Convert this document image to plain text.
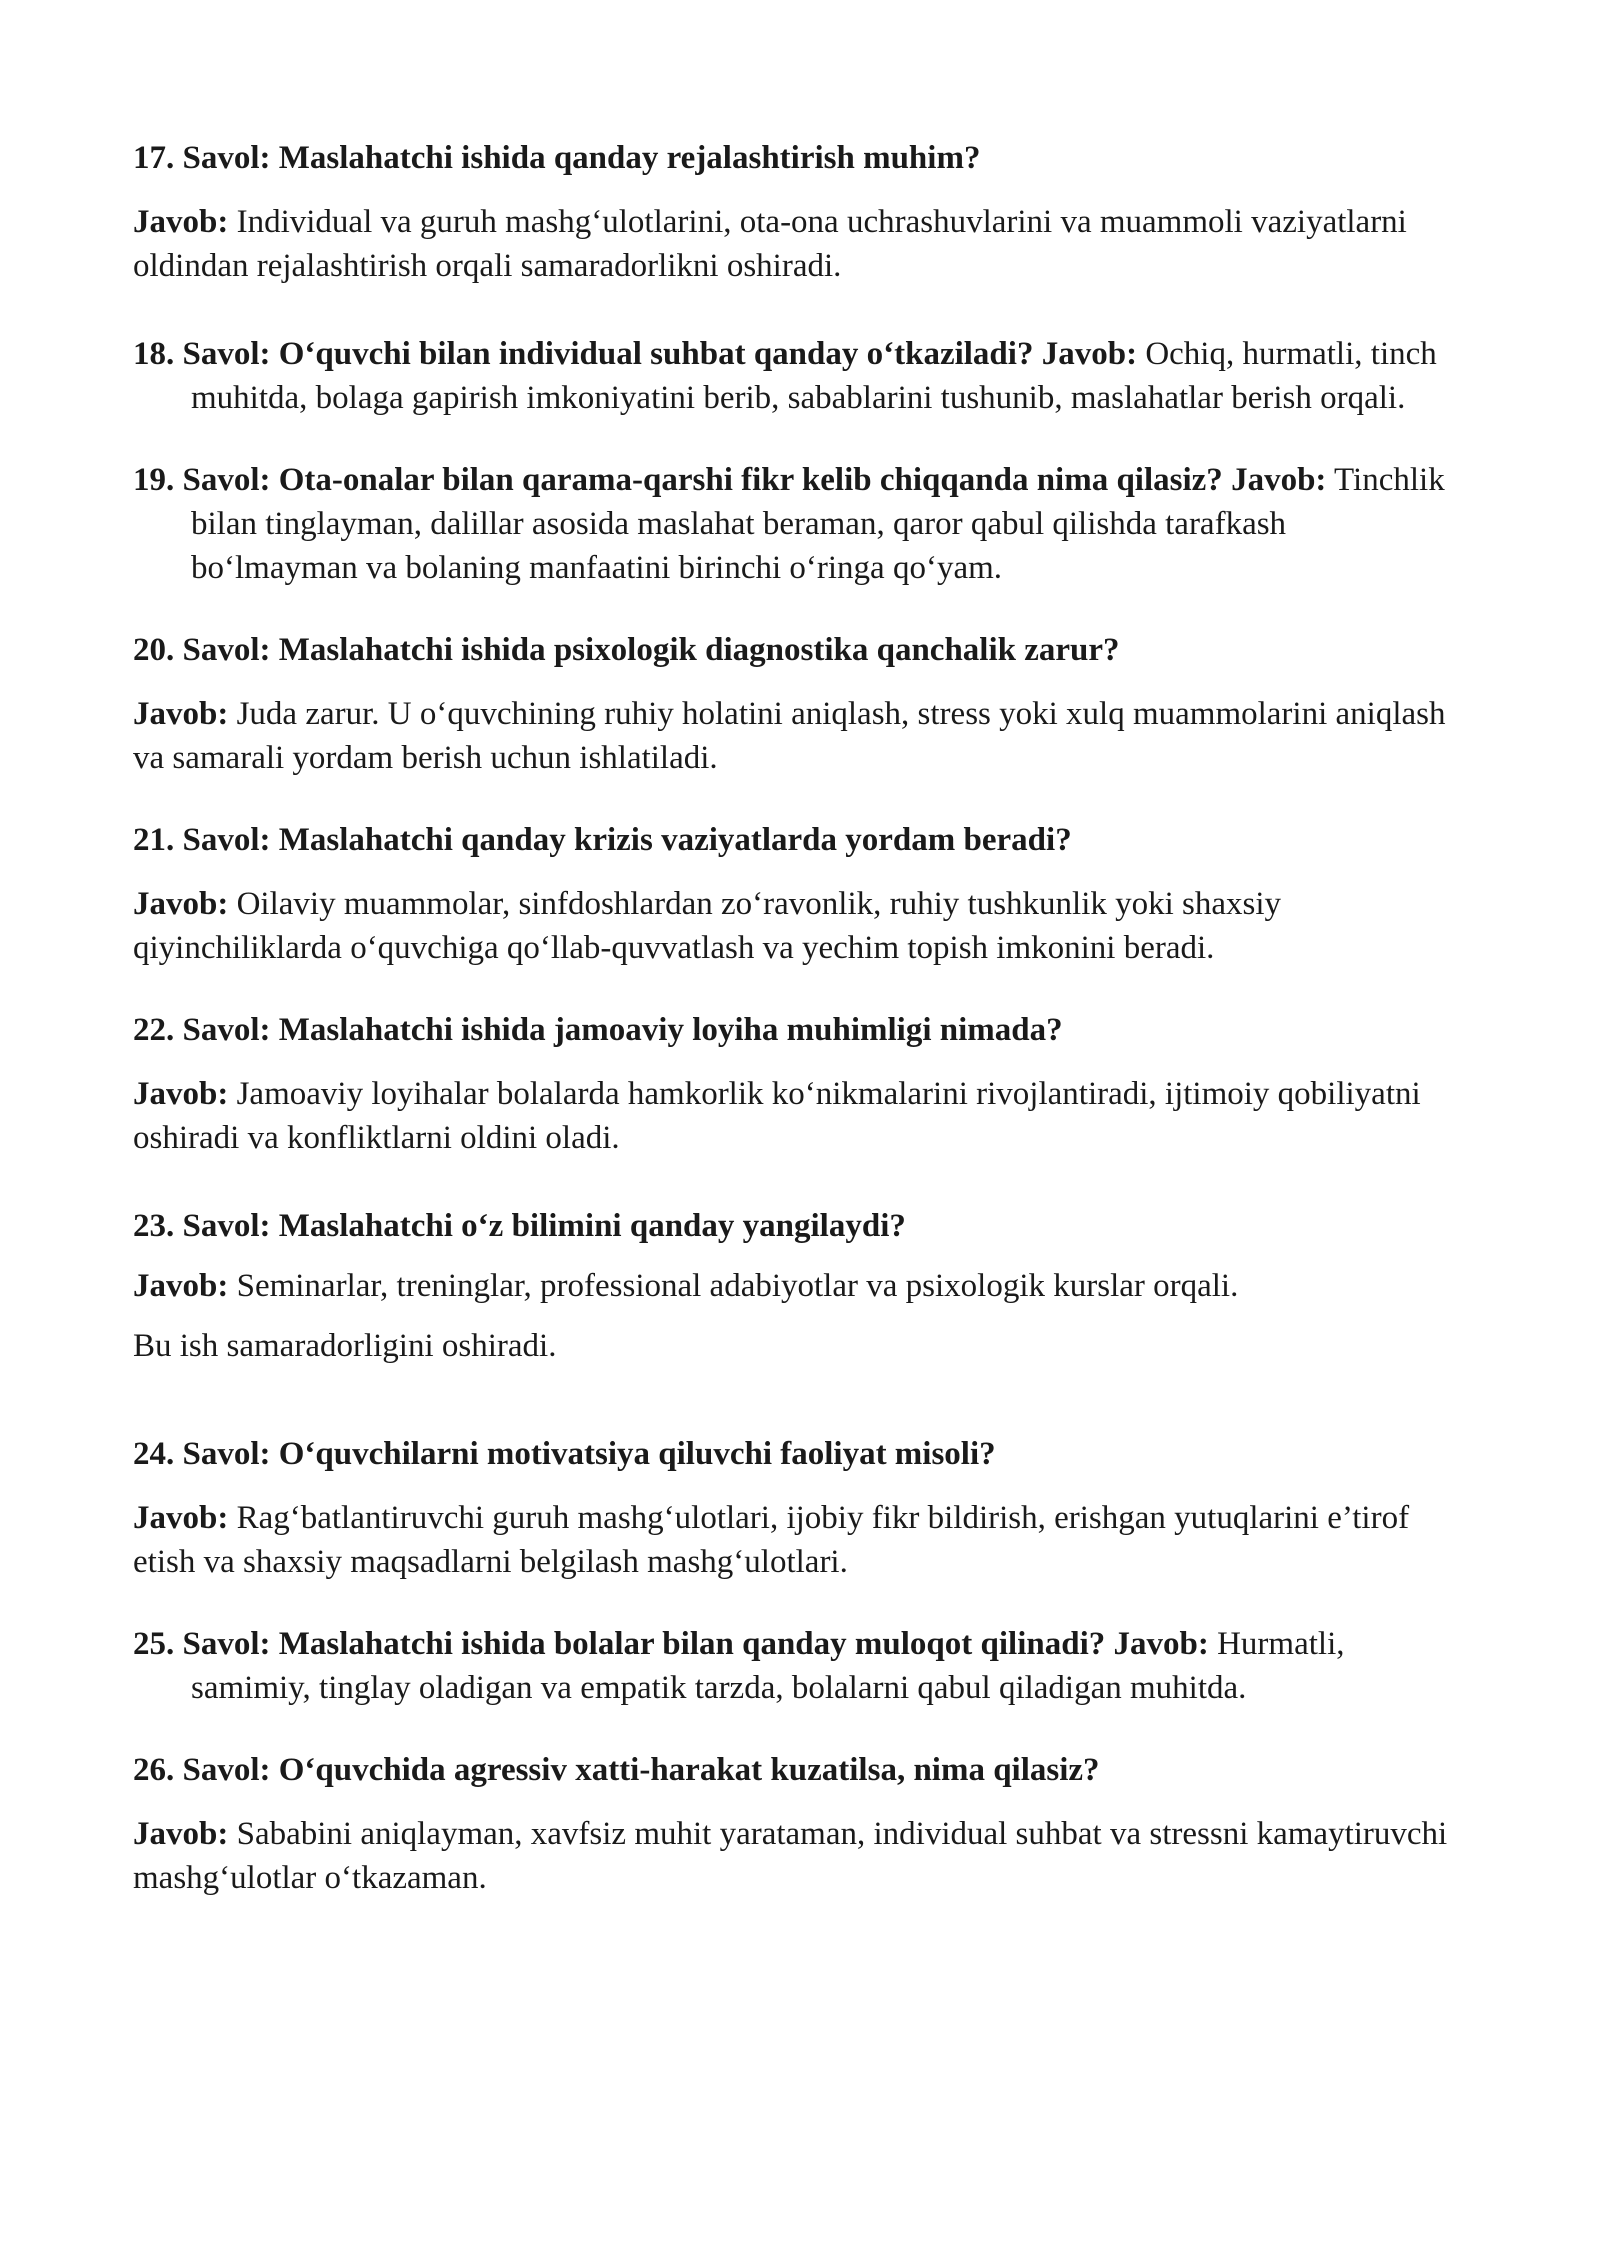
17. Savol: Maslahatchi ishida qanday rejalashtirish muhim?

Javob: Individual va guruh mashg‘ulotlarini, ota-ona uchrashuvlarini va muammoli vaziyatlarni oldindan rejalashtirish orqali samaradorlikni oshiradi.

18. Savol: O‘quvchi bilan individual suhbat qanday o‘tkaziladi? Javob: Ochiq, hurmatli, tinch muhitda, bolaga gapirish imkoniyatini berib, sabablarini tushunib, maslahatlar berish orqali.

19. Savol: Ota-onalar bilan qarama-qarshi fikr kelib chiqqanda nima qilasiz? Javob: Tinchlik bilan tinglayman, dalillar asosida maslahat beraman, qaror qabul qilishda tarafkash bo‘lmayman va bolaning manfaatini birinchi o‘ringa qo‘yam.

20. Savol: Maslahatchi ishida psixologik diagnostika qanchalik zarur?

Javob: Juda zarur. U o‘quvchining ruhiy holatini aniqlash, stress yoki xulq muammolarini aniqlash va samarali yordam berish uchun ishlatiladi.

21. Savol: Maslahatchi qanday krizis vaziyatlarda yordam beradi?

Javob: Oilaviy muammolar, sinfdoshlardan zo‘ravonlik, ruhiy tushkunlik yoki shaxsiy qiyinchiliklarda o‘quvchiga qo‘llab-quvvatlash va yechim topish imkonini beradi.

22. Savol: Maslahatchi ishida jamoaviy loyiha muhimligi nimada?

Javob: Jamoaviy loyihalar bolalarda hamkorlik ko‘nikmalarini rivojlantiradi, ijtimoiy qobiliyatni oshiradi va konfliktlarni oldini oladi.

23. Savol: Maslahatchi o‘z bilimini qanday yangilaydi?

Javob: Seminarlar, treninglar, professional adabiyotlar va psixologik kurslar orqali.

Bu ish samaradorligini oshiradi.

24. Savol: O‘quvchilarni motivatsiya qiluvchi faoliyat misoli?

Javob: Rag‘batlantiruvchi guruh mashg‘ulotlari, ijobiy fikr bildirish, erishgan yutuqlarini e’tirof etish va shaxsiy maqsadlarni belgilash mashg‘ulotlari.

25. Savol: Maslahatchi ishida bolalar bilan qanday muloqot qilinadi? Javob: Hurmatli, samimiy, tinglay oladigan va empatik tarzda, bolalarni qabul qiladigan muhitda.

26. Savol: O‘quvchida agressiv xatti-harakat kuzatilsa, nima qilasiz?

Javob: Sababini aniqlayman, xavfsiz muhit yarataman, individual suhbat va stressni kamaytiruvchi mashg‘ulotlar o‘tkazaman.
